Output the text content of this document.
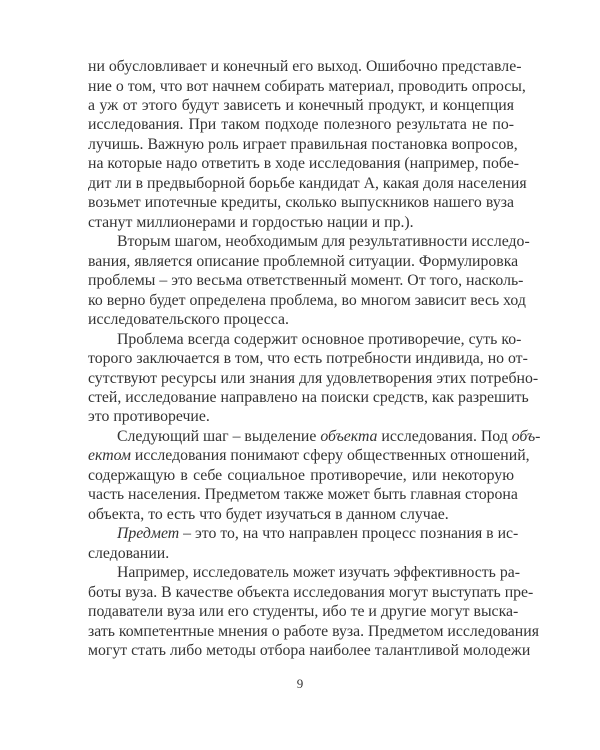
ни обусловливает и конечный его выход. Ошибочно представле-
ние о том, что вот начнем собирать материал, проводить опросы,
а уж от этого будут зависеть и конечный продукт, и концепция
исследования. При таком подходе полезного результата не по-
лучишь. Важную роль играет правильная постановка вопросов,
на которые надо ответить в ходе исследования (например, побе-
дит ли в предвыборной борьбе кандидат А, какая доля населения
возьмет ипотечные кредиты, сколько выпускников нашего вуза
станут миллионерами и гордостью нации и пр.).
Вторым шагом, необходимым для результативности исследо-
вания, является описание проблемной ситуации. Формулировка
проблемы – это весьма ответственный момент. От того, насколь-
ко верно будет определена проблема, во многом зависит весь ход
исследовательского процесса.
Проблема всегда содержит основное противоречие, суть ко-
торого заключается в том, что есть потребности индивида, но от-
сутствуют ресурсы или знания для удовлетворения этих потребно-
стей, исследование направлено на поиски средств, как разрешить
это противоречие.
Следующий шаг – выделение объекта исследования. Под объ-
ектом исследования понимают сферу общественных отношений,
содержащую в себе социальное противоречие, или некоторую
часть населения. Предметом также может быть главная сторона
объекта, то есть что будет изучаться в данном случае.
Предмет – это то, на что направлен процесс познания в ис-
следовании.
Например, исследователь может изучать эффективность ра-
боты вуза. В качестве объекта исследования могут выступать пре-
подаватели вуза или его студенты, ибо те и другие могут выска-
зать компетентные мнения о работе вуза. Предметом исследования
могут стать либо методы отбора наиболее талантливой молодежи
9
